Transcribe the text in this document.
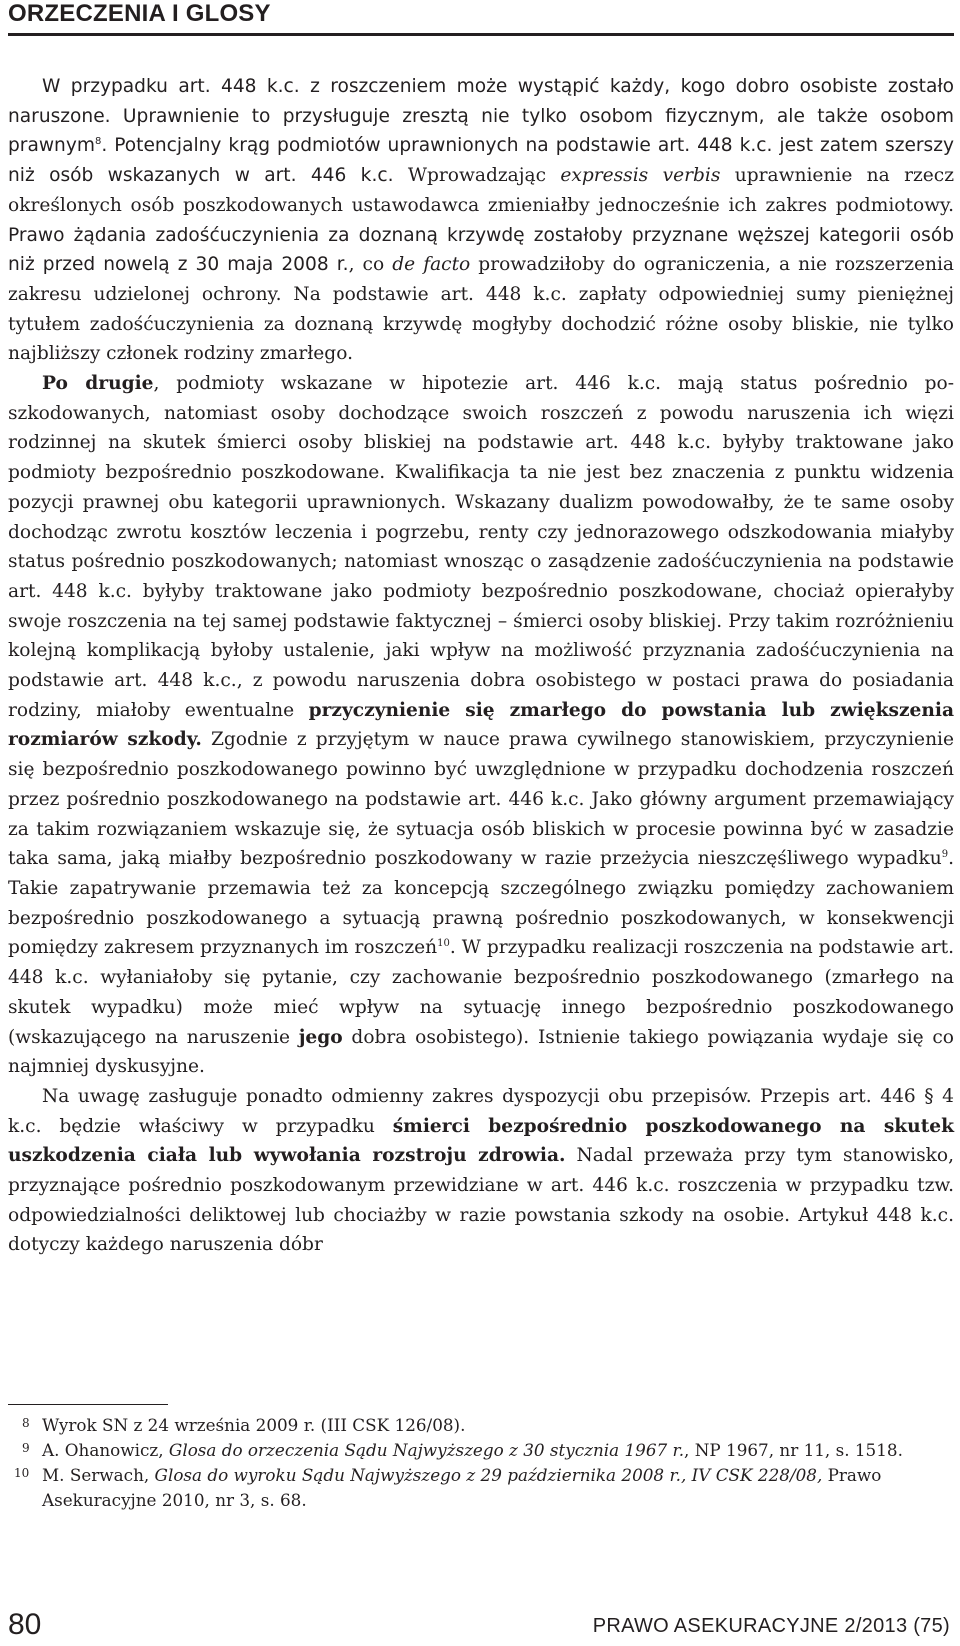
ORZECZENIA I GLOSY

W przypadku art. 448 k.c. z roszczeniem może wystąpić każdy, kogo dobro osobiste zostało naruszone. Uprawnienie to przysługuje zresztą nie tylko osobom fizycznym, ale także osobom prawnym$^8$. Potencjalny krąg podmiotów uprawnionych na podstawie art. 448 k.c. jest zatem szerszy niż osób wskazanych w art. 446 k.c. Wprowadzając expressis verbis uprawnienie na rzecz określonych osób poszkodowanych ustawodawca zmieniałby jednocześnie ich zakres podmiotowy. Prawo żądania zadośćuczynienia za doznaną krzywdę zostałoby przyznane węższej kategorii osób niż przed nowelą z 30 maja 2008 r., co de facto prowadziłoby do ograniczenia, a nie rozszerzenia zakresu udzielonej ochrony. Na podstawie art. 448 k.c. zapłaty odpowiedniej sumy pieniężnej tytułem zadośćuczynienia za doznaną krzywdę mogłyby dochodzić różne osoby bliskie, nie tylko najbliższy członek rodziny zmarłego.

Po drugie, podmioty wskazane w hipotezie art. 446 k.c. mają status pośrednio poszkodowanych, natomiast osoby dochodzące swoich roszczeń z powodu naruszenia ich więzi rodzinnej na skutek śmierci osoby bliskiej na podstawie art. 448 k.c. byłyby traktowane jako podmioty bezpośrednio poszkodowane. Kwalifikacja ta nie jest bez znaczenia z punktu widzenia pozycji prawnej obu kategorii uprawnionych. Wskazany dualizm powodowałby, że te same osoby dochodząc zwrotu kosztów leczenia i pogrzebu, renty czy jednorazowego odszkodowania miałyby status pośrednio poszkodowanych; natomiast wnosząc o zasądzenie zadośćuczynienia na podstawie art. 448 k.c. byłyby traktowane jako podmioty bezpośrednio poszkodowane, chociaż opierałyby swoje roszczenia na tej samej podstawie faktycznej – śmierci osoby bliskiej. Przy takim rozróżnieniu kolejną komplikacją byłoby ustalenie, jaki wpływ na możliwość przyznania zadośćuczynienia na podstawie art. 448 k.c., z powodu naruszenia dobra osobistego w postaci prawa do posiadania rodziny, miałoby ewentualne przyczynienie się zmarłego do powstania lub zwiększenia rozmiarów szkody. Zgodnie z przyjętym w nauce prawa cywilnego stanowiskiem, przyczynienie się bezpośrednio poszkodowanego powinno być uwzględnione w przypadku dochodzenia roszczeń przez pośrednio poszkodowanego na podstawie art. 446 k.c. Jako główny argument przemawiający za takim rozwiązaniem wskazuje się, że sytuacja osób bliskich w procesie powinna być w zasadzie taka sama, jaką miałby bezpośrednio poszkodowany w razie przeżycia nieszczęśliwego wypadku$^9$. Takie zapatrywanie przemawia też za koncepcją szczególnego związku pomiędzy zachowaniem bezpośrednio poszkodowanego a sytuacją prawną pośrednio poszkodowanych, w konsekwencji pomiędzy zakresem przyznanych im roszczeń$^{10}$. W przypadku realizacji roszczenia na podstawie art. 448 k.c. wyłaniałoby się pytanie, czy zachowanie bezpośrednio poszkodowanego (zmarłego na skutek wypadku) może mieć wpływ na sytuację innego bezpośrednio poszkodowanego (wskazującego na naruszenie jego dobra osobistego). Istnienie takiego powiązania wydaje się co najmniej dyskusyjne.

Na uwagę zasługuje ponadto odmienny zakres dyspozycji obu przepisów. Przepis art. 446 § 4 k.c. będzie właściwy w przypadku śmierci bezpośrednio poszkodowanego na skutek uszkodzenia ciała lub wywołania rozstroju zdrowia. Nadal przeważa przy tym stanowisko, przyznające pośrednio poszkodowanym przewidziane w art. 446 k.c. roszczenia w przypadku tzw. odpowiedzialności deliktowej lub chociażby w razie powstania szkody na osobie. Artykuł 448 k.c. dotyczy każdego naruszenia dóbr

8 Wyrok SN z 24 września 2009 r. (III CSK 126/08).
9 A. Ohanowicz, Glosa do orzeczenia Sądu Najwyższego z 30 stycznia 1967 r., NP 1967, nr 11, s. 1518.
10 M. Serwach, Glosa do wyroku Sądu Najwyższego z 29 października 2008 r., IV CSK 228/08, Prawo Asekuracyjne 2010, nr 3, s. 68.
80	PRAWO ASEKURACYJNE 2/2013 (75)
